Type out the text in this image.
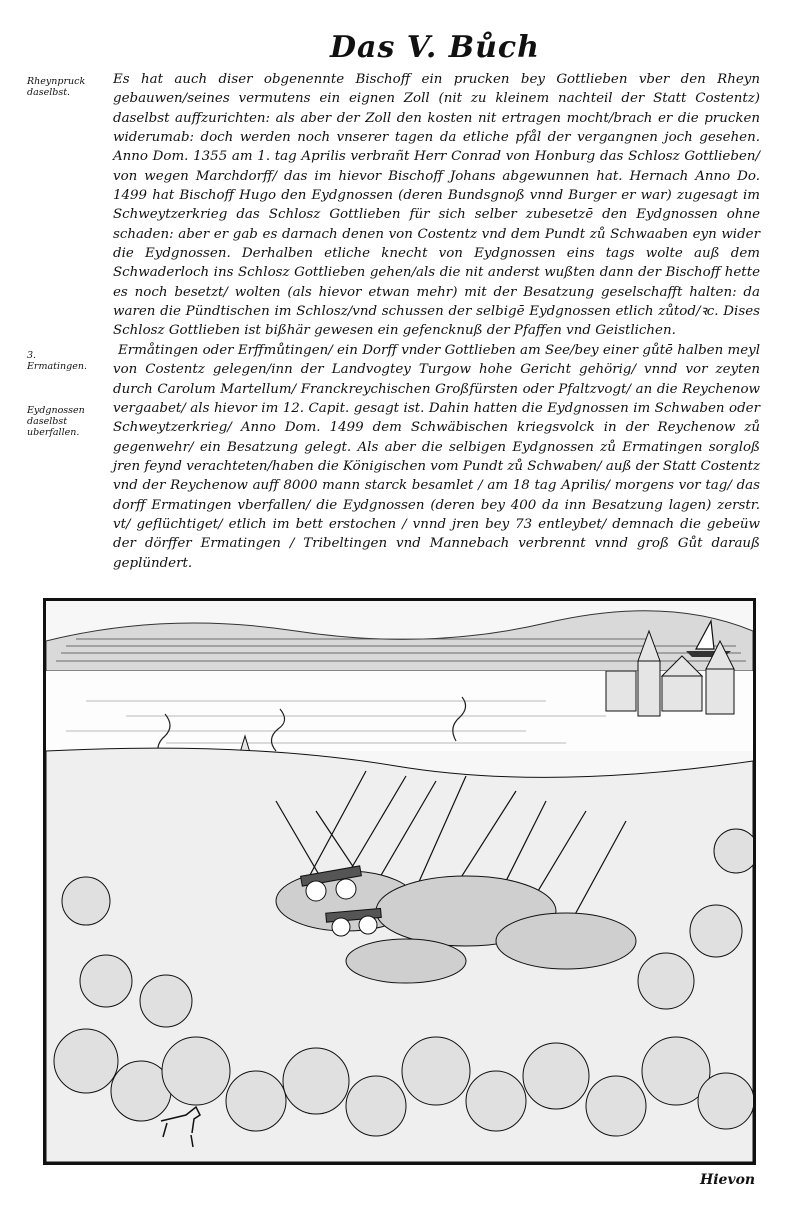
Das V. Bůch
Rheynpruck daselbst.
3. Ermatingen.
Eydgnossen daselbst uberfallen.

Es hat auch diser obgenennte Bischoff ein prucken bey Gottlieben vber den Rheyn gebauwen/seines vermutens ein eignen Zoll (nit zu kleinem nachteil der Statt Costentz) daselbst auffzurichten: als aber der Zoll den kosten nit ertragen mocht/brach er die prucken widerumab: doch werden noch vnserer tagen da etliche pfål der vergangnen joch gesehen. Anno Dom. 1355 am 1. tag Aprilis verbrañt Herr Conrad von Honburg das Schlosz Gottlieben/ von wegen Marchdorff/ das im hievor Bischoff Johans abgewunnen hat. Hernach Anno Do. 1499 hat Bischoff Hugo den Eydgnossen (deren Bundsgnoß vnnd Burger er war) zugesagt im Schweytzerkrieg das Schlosz Gottlieben für sich selber zubesetzē den Eydgnossen ohne schaden: aber er gab es darnach denen von Costentz vnd dem Pundt zů Schwaaben eyn wider die Eydgnossen. Derhalben etliche knecht von Eydgnossen eins tags wolte auß dem Schwaderloch ins Schlosz Gottlieben gehen/als die nit anderst wußten dann der Bischoff hette es noch besetzt/ wolten (als hievor etwan mehr) mit der Besatzung geselschafft halten: da waren die Pündtischen im Schlosz/vnd schussen der selbigē Eydgnossen etlich zůtod/ꝛc. Dises Schlosz Gottlieben ist bißhär gewesen ein gefencknuß der Pfaffen vnd Geistlichen.

Ermåtingen oder Erffmůtingen/ ein Dorff vnder Gottlieben am See/bey einer gůtē halben meyl von Costentz gelegen/inn der Landvogtey Turgow hohe Gericht gehörig/ vnnd vor zeyten durch Carolum Martellum/ Franckreychischen Großfürsten oder Pfaltzvogt/ an die Reychenow vergaabet/ als hievor im 12. Capit. gesagt ist. Dahin hatten die Eydgnossen im Schwaben oder Schweytzerkrieg/ Anno Dom. 1499 dem Schwäbischen kriegsvolck in der Reychenow zů gegenwehr/ ein Besatzung gelegt. Als aber die selbigen Eydgnossen zů Ermatingen sorgloß jren feynd verachteten/haben die Königischen vom Pundt zů Schwaben/ auß der Statt Costentz vnd der Reychenow auff 8000 mann starck besamlet / am 18 tag Aprilis/ morgens vor tag/ das dorff Ermatingen vberfallen/ die Eydgnossen (deren bey 400 da inn Besatzung lagen) zerstr. vt/ geflüchtiget/ etlich im bett erstochen / vnnd jren bey 73 entleybet/ demnach die gebeüw der dörffer Ermatingen / Tribeltingen vnd Mannebach verbrennt vnnd groß Gůt darauß geplündert.

Hievon
